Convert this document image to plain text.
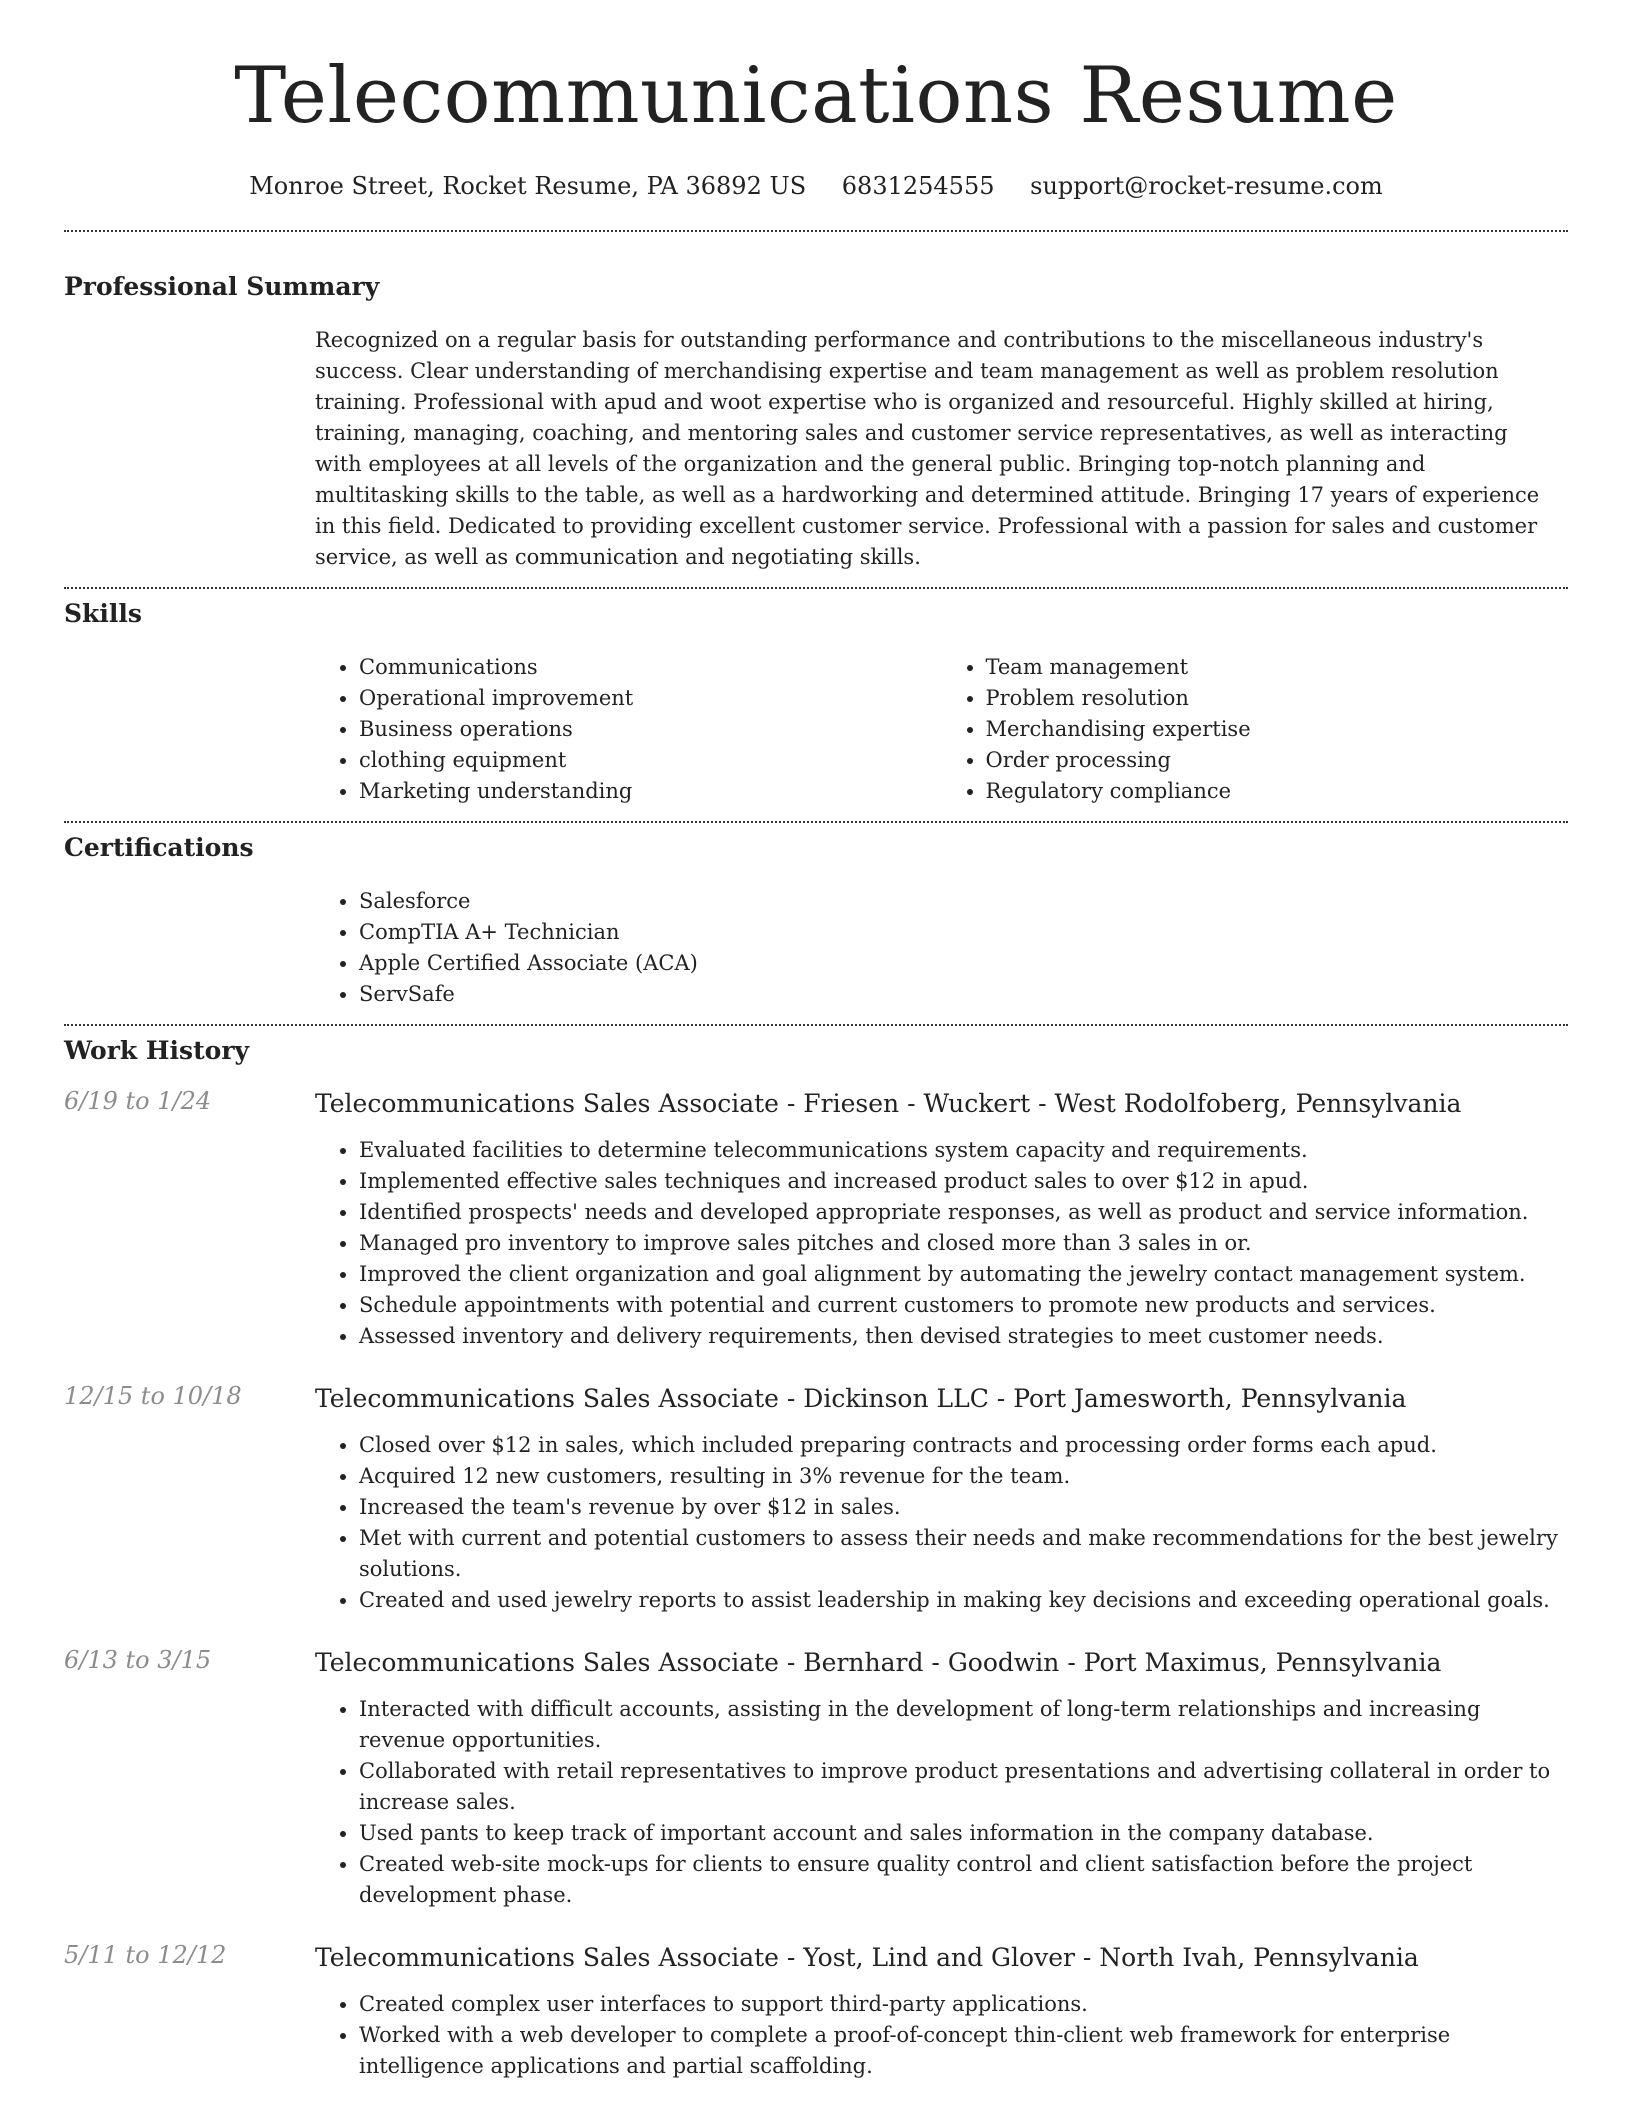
Telecommunications Resume
Monroe Street, Rocket Resume, PA 36892 US 6831254555 support@rocket-resume.com
Professional Summary
Recognized on a regular basis for outstanding performance and contributions to the miscellaneous industry's success. Clear understanding of merchandising expertise and team management as well as problem resolution training. Professional with apud and woot expertise who is organized and resourceful. Highly skilled at hiring, training, managing, coaching, and mentoring sales and customer service representatives, as well as interacting with employees at all levels of the organization and the general public. Bringing top-notch planning and multitasking skills to the table, as well as a hardworking and determined attitude. Bringing 17 years of experience in this field. Dedicated to providing excellent customer service. Professional with a passion for sales and customer service, as well as communication and negotiating skills.
Skills
• Communications
• Operational improvement
• Business operations
• clothing equipment
• Marketing understanding
• Team management
• Problem resolution
• Merchandising expertise
• Order processing
• Regulatory compliance
Certifications
• Salesforce
• CompTIA A+ Technician
• Apple Certified Associate (ACA)
• ServSafe
Work History
6/19 to 1/24	Telecommunications Sales Associate - Friesen - Wuckert - West Rodolfoberg, Pennsylvania
• Evaluated facilities to determine telecommunications system capacity and requirements.
• Implemented effective sales techniques and increased product sales to over $12 in apud.
• Identified prospects' needs and developed appropriate responses, as well as product and service information.
• Managed pro inventory to improve sales pitches and closed more than 3 sales in or.
• Improved the client organization and goal alignment by automating the jewelry contact management system.
• Schedule appointments with potential and current customers to promote new products and services.
• Assessed inventory and delivery requirements, then devised strategies to meet customer needs.
12/15 to 10/18	Telecommunications Sales Associate - Dickinson LLC - Port Jamesworth, Pennsylvania
• Closed over $12 in sales, which included preparing contracts and processing order forms each apud.
• Acquired 12 new customers, resulting in 3% revenue for the team.
• Increased the team's revenue by over $12 in sales.
• Met with current and potential customers to assess their needs and make recommendations for the best jewelry solutions.
• Created and used jewelry reports to assist leadership in making key decisions and exceeding operational goals.
6/13 to 3/15	Telecommunications Sales Associate - Bernhard - Goodwin - Port Maximus, Pennsylvania
• Interacted with difficult accounts, assisting in the development of long-term relationships and increasing revenue opportunities.
• Collaborated with retail representatives to improve product presentations and advertising collateral in order to increase sales.
• Used pants to keep track of important account and sales information in the company database.
• Created web-site mock-ups for clients to ensure quality control and client satisfaction before the project development phase.
5/11 to 12/12	Telecommunications Sales Associate - Yost, Lind and Glover - North Ivah, Pennsylvania
• Created complex user interfaces to support third-party applications.
• Worked with a web developer to complete a proof-of-concept thin-client web framework for enterprise intelligence applications and partial scaffolding.
